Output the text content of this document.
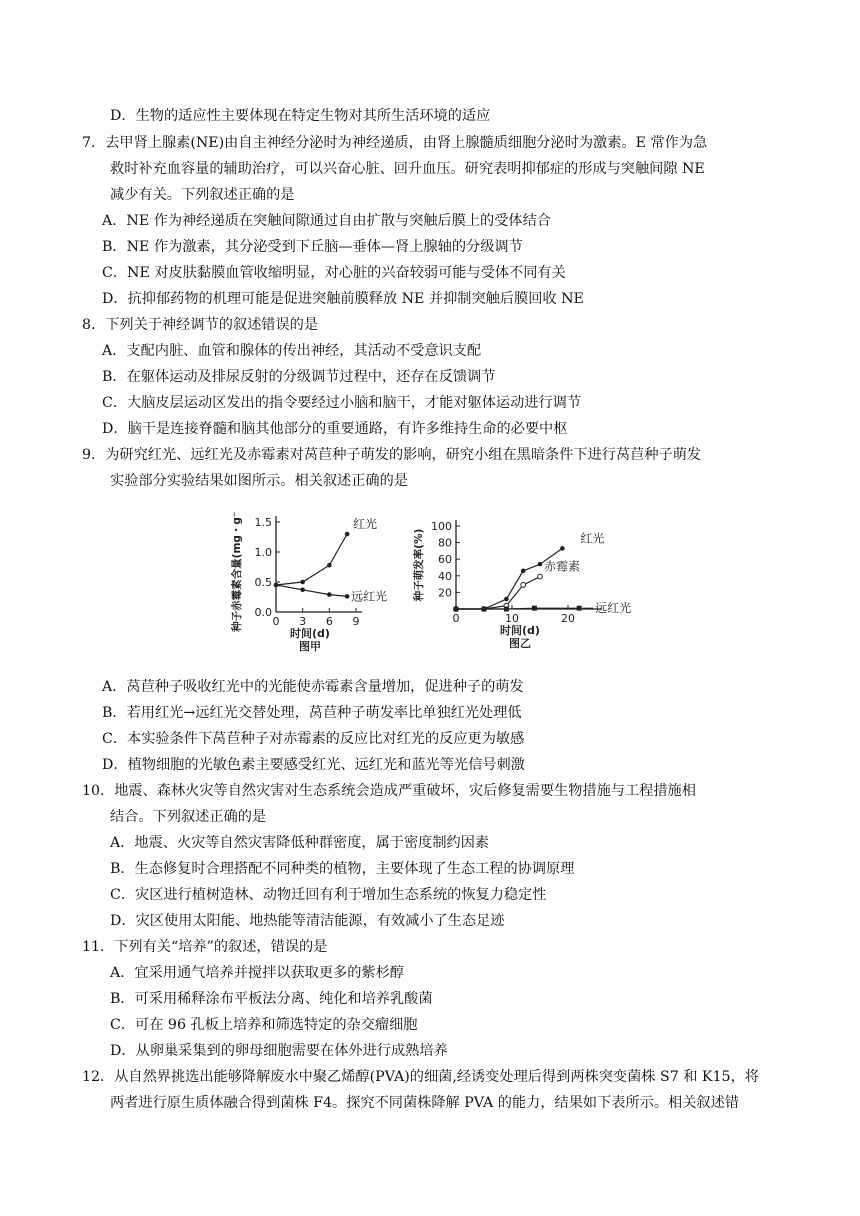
D．生物的适应性主要体现在特定生物对其所生活环境的适应
7．去甲肾上腺素(NE)由自主神经分泌时为神经递质，由肾上腺髓质细胞分泌时为激素。E 常作为急
救时补充血容量的辅助治疗，可以兴奋心脏、回升血压。研究表明抑郁症的形成与突触间隙 NE
减少有关。下列叙述正确的是
A．NE 作为神经递质在突触间隙通过自由扩散与突触后膜上的受体结合
B．NE 作为激素，其分泌受到下丘脑—垂体—肾上腺轴的分级调节
C．NE 对皮肤黏膜血管收缩明显，对心脏的兴奋较弱可能与受体不同有关
D．抗抑郁药物的机理可能是促进突触前膜释放 NE 并抑制突触后膜回收 NE
8．下列关于神经调节的叙述错误的是
A．支配内脏、血管和腺体的传出神经，其活动不受意识支配
B．在躯体运动及排尿反射的分级调节过程中，还存在反馈调节
C．大脑皮层运动区发出的指令要经过小脑和脑干，才能对躯体运动进行调节
D．脑干是连接脊髓和脑其他部分的重要通路，有许多维持生命的必要中枢
9．为研究红光、远红光及赤霉素对莴苣种子萌发的影响，研究小组在黑暗条件下进行莴苣种子萌发
实验部分实验结果如图所示。相关叙述正确的是
A．莴苣种子吸收红光中的光能使赤霉素含量增加，促进种子的萌发
B．若用红光→远红光交替处理，莴苣种子萌发率比单独红光处理低
C．本实验条件下莴苣种子对赤霉素的反应比对红光的反应更为敏感
D．植物细胞的光敏色素主要感受红光、远红光和蓝光等光信号刺激
10．地震、森林火灾等自然灾害对生态系统会造成严重破坏，灾后修复需要生物措施与工程措施相
结合。下列叙述正确的是
A．地震、火灾等自然灾害降低种群密度，属于密度制约因素
B．生态修复时合理搭配不同种类的植物，主要体现了生态工程的协调原理
C．灾区进行植树造林、动物迁回有利于增加生态系统的恢复力稳定性
D．灾区使用太阳能、地热能等清洁能源，有效减小了生态足迹
11．下列有关“培养”的叙述，错误的是
A．宜采用通气培养并搅拌以获取更多的紫杉醇
B．可采用稀释涂布平板法分离、纯化和培养乳酸菌
C．可在 96 孔板上培养和筛选特定的杂交瘤细胞
D．从卵巢采集到的卵母细胞需要在体外进行成熟培养
12．从自然界挑选出能够降解废水中聚乙烯醇(PVA)的细菌,经诱变处理后得到两株突变菌株 S7 和 K15，将
两者进行原生质体融合得到菌株 F4。探究不同菌株降解 PVA 的能力，结果如下表所示。相关叙述错
0.0
0.5
1.0
1.5
0 3 6 9
时间(d)
图甲
种子赤霉素含量(mg・g⁻¹)	红光
远红光	20
40
60
80
100
0	10	20
时间(d)
图乙
种子萌发率(%)	红光
赤霉素
远红光
